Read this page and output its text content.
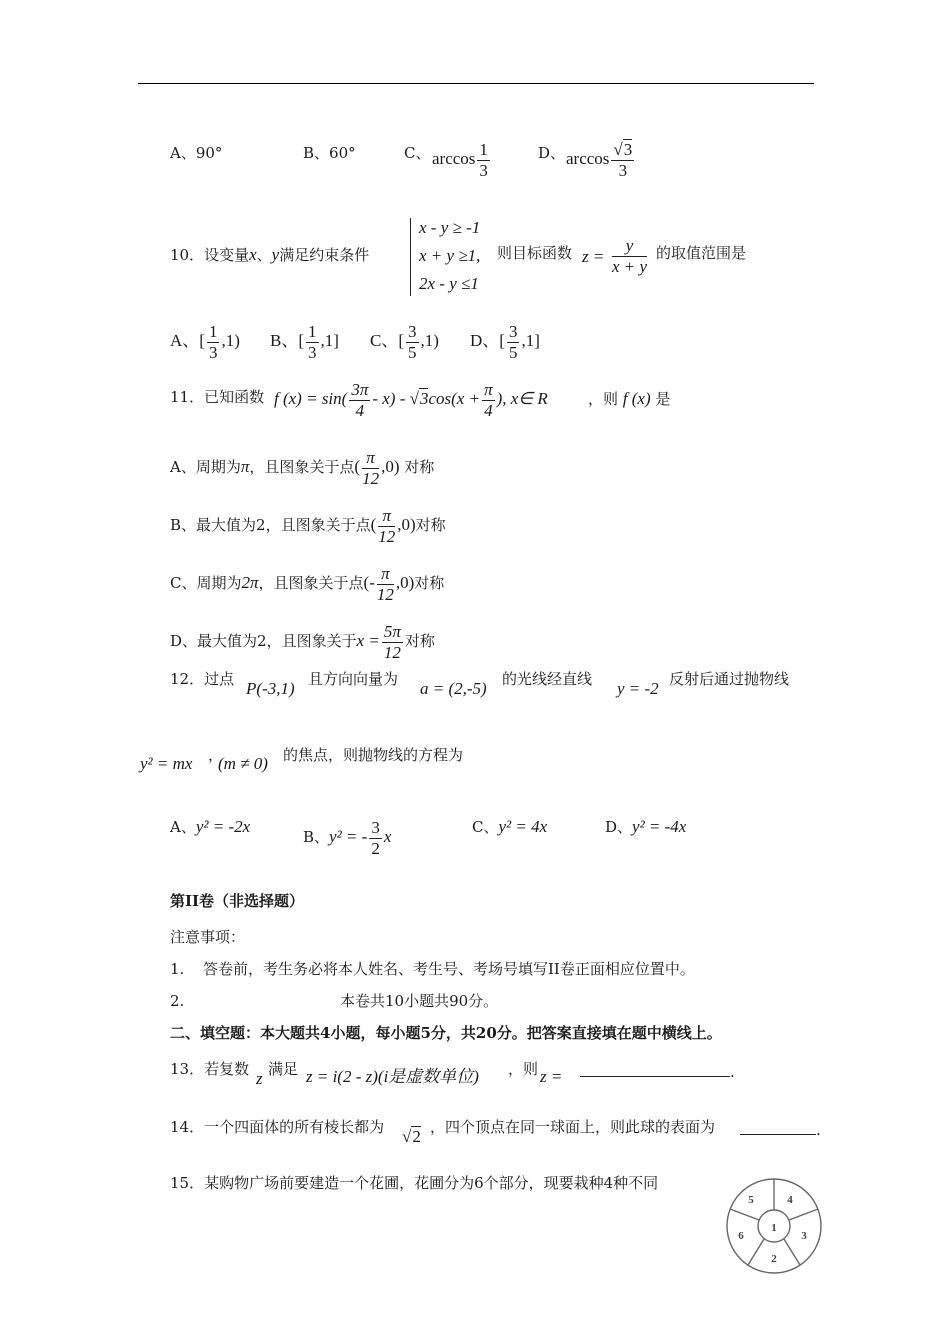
A、90°	B、60°	C、 $\arccos \frac{1}{3}$	D、 $\arccos \frac{√3}{3}$
10．设变量x、y满足约束条件
x - y ≥ -1
x + y ≥1,
2x - y ≤1
则目标函数 $z = \frac{y}{x + y}$ 的取值范围是
A、[ $\frac{1}{3} ,1$) B、[ $\frac{1}{3} ,1$] C、[ $\frac{3}{5} ,1$) D、[ $\frac{3}{5} ,1$]
11．已知函数 f $(x) = \sin( \frac{3\pi}{4} - x) - √3\cos(x + \frac{\pi}{4}$ ), x∈ R	，则 f (x) 是
A、周期为π，且图象关于点( $\frac{\pi}{12} ,0$) 对称
B、最大值为2，且图象关于点( $\frac{\pi}{12} ,0$)对称
C、周期为2π，且图象关于点(- $\frac{\pi}{12} ,0$)对称
D、最大值为2，且图象关于$x = \frac{5\pi}{12}$ 对称
12．过点 P(-3,1) 且方向向量为 a = (2,-5) 的光线经直线 y = -2 反射后通过抛物线
y² = mx ，
(m ≠ 0) 的焦点，则抛物线的方程为
A、y² = -2x
B、y² = - $\frac{3}{2}$ x
C、y² = 4x	D、y² = -4x
第II卷（非选择题）
注意事项：
1. 答卷前，考生务必将本人姓名、考生号、考场号填写II卷正面相应位置中。
2.	本卷共10小题共90分。
二、填空题：本大题共4小题，每小题5分，共20分。把答案直接填在题中横线上。
13．若复数 z 满足 z = i(2 - z)(i是虚数单位) ，则 z =	.
14．一个四面体的所有棱长都为 √2 ，四个顶点在同一球面上，则此球的表面为	.
15．某购物广场前要建造一个花圃，花圃分为6个部分，现要栽种4种不同
1
2
3
4
5
6
